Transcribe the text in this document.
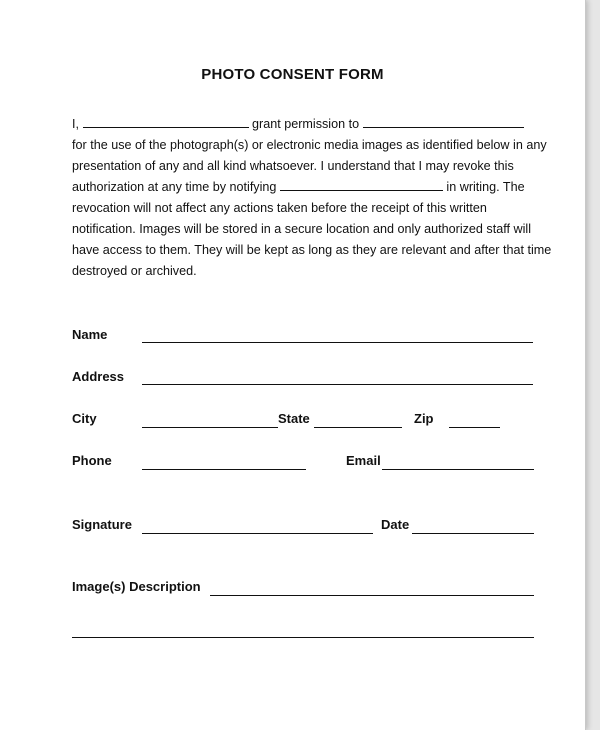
PHOTO CONSENT FORM
I,	grant permission to
for the use of the photograph(s) or electronic media images as identified below in any
presentation of any and all kind whatsoever. I understand that I may revoke this
authorization at any time by notifying	in writing. The
revocation will not affect any actions taken before the receipt of this written
notification. Images will be stored in a secure location and only authorized staff will
have access to them. They will be kept as long as they are relevant and after that time
destroyed or archived.
Name
Address
City	State	Zip
Phone	Email
Signature	Date
Image(s) Description
